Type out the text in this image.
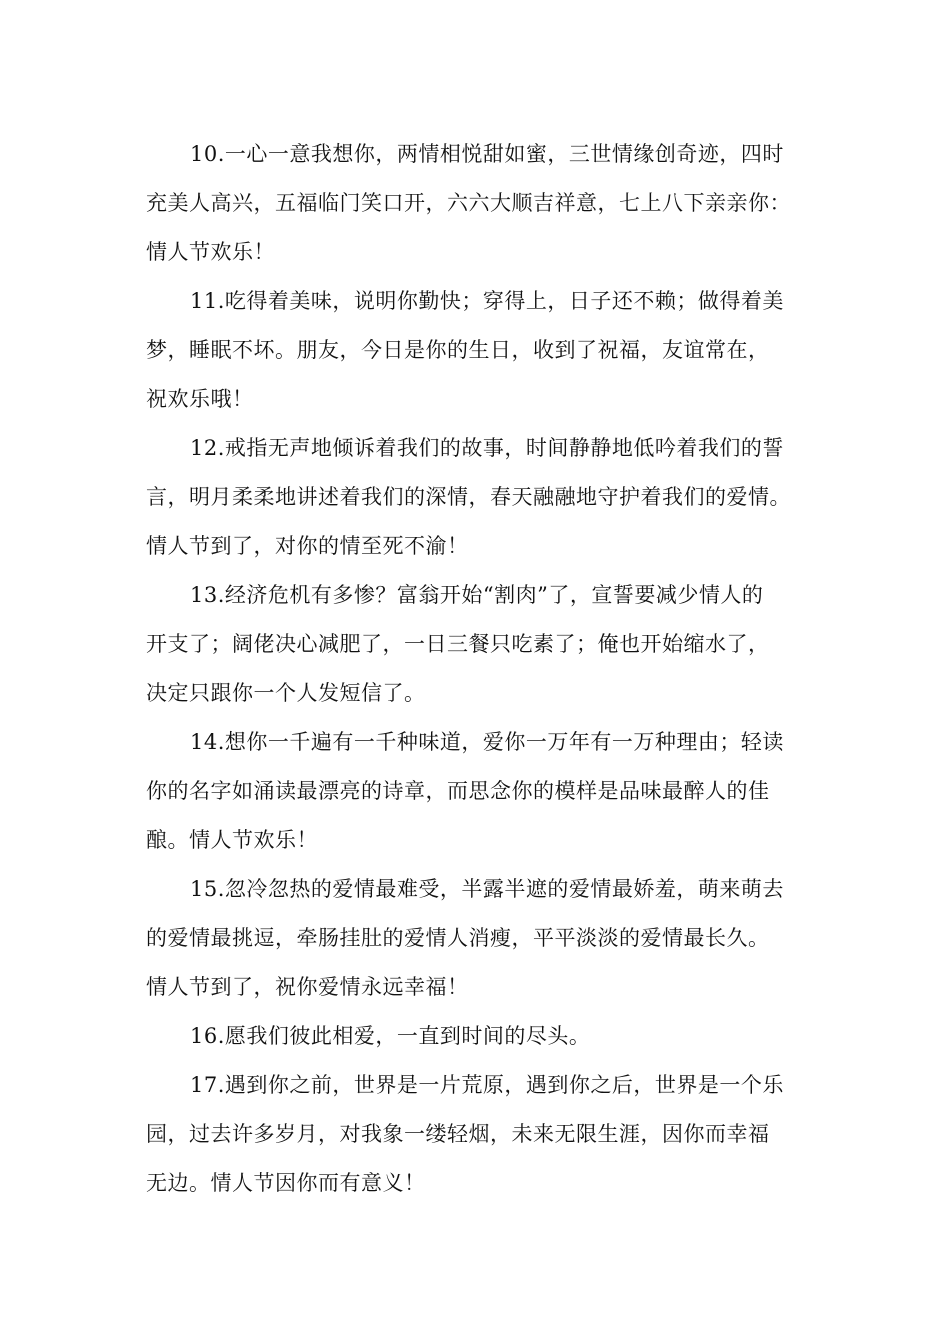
10.一心一意我想你，两情相悦甜如蜜，三世情缘创奇迹，四时
充美人高兴，五福临门笑口开，六六大顺吉祥意，七上八下亲亲你：
情人节欢乐！

11.吃得着美味，说明你勤快；穿得上，日子还不赖；做得着美
梦，睡眠不坏。朋友，今日是你的生日，收到了祝福，友谊常在，
祝欢乐哦！

12.戒指无声地倾诉着我们的故事，时间静静地低吟着我们的誓
言，明月柔柔地讲述着我们的深情，春天融融地守护着我们的爱情。
情人节到了，对你的情至死不渝！

13.经济危机有多惨？富翁开始“割肉”了，宣誓要减少情人的
开支了；阔佬决心减肥了，一日三餐只吃素了；俺也开始缩水了，
决定只跟你一个人发短信了。

14.想你一千遍有一千种味道，爱你一万年有一万种理由；轻读
你的名字如涌读最漂亮的诗章，而思念你的模样是品味最醉人的佳
酿。情人节欢乐！

15.忽冷忽热的爱情最难受，半露半遮的爱情最娇羞，萌来萌去
的爱情最挑逗，牵肠挂肚的爱情人消瘦，平平淡淡的爱情最长久。
情人节到了，祝你爱情永远幸福！

16.愿我们彼此相爱，一直到时间的尽头。

17.遇到你之前，世界是一片荒原，遇到你之后，世界是一个乐
园，过去许多岁月，对我象一缕轻烟，未来无限生涯，因你而幸福
无边。情人节因你而有意义！
